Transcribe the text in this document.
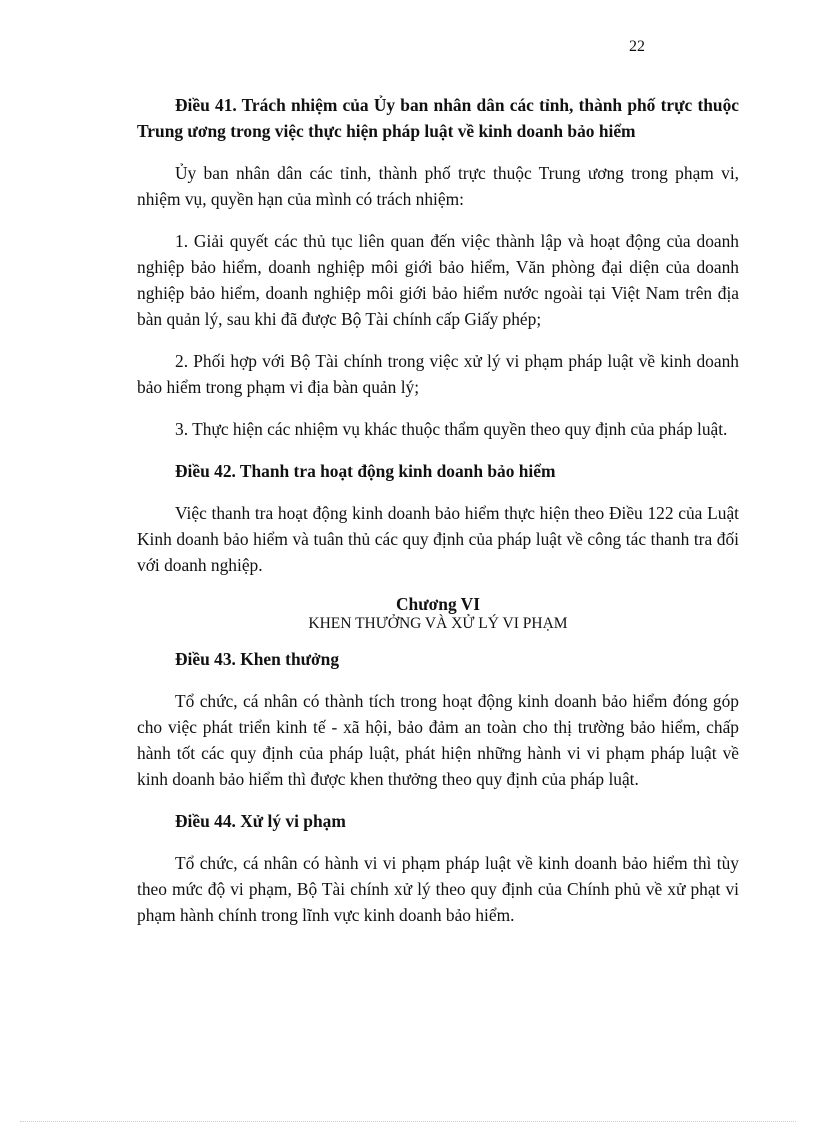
22

Điều 41. Trách nhiệm của Ủy ban nhân dân các tỉnh, thành phố trực thuộc Trung ương trong việc thực hiện pháp luật về kinh doanh bảo hiểm

Ủy ban nhân dân các tỉnh, thành phố trực thuộc Trung ương trong phạm vi, nhiệm vụ, quyền hạn của mình có trách nhiệm:

1. Giải quyết các thủ tục liên quan đến việc thành lập và hoạt động của doanh nghiệp bảo hiểm, doanh nghiệp môi giới bảo hiểm, Văn phòng đại diện của doanh nghiệp bảo hiểm, doanh nghiệp môi giới bảo hiểm nước ngoài tại Việt Nam trên địa bàn quản lý, sau khi đã được Bộ Tài chính cấp Giấy phép;

2. Phối hợp với Bộ Tài chính trong việc xử lý vi phạm pháp luật về kinh doanh bảo hiểm trong phạm vi địa bàn quản lý;

3. Thực hiện các nhiệm vụ khác thuộc thẩm quyền theo quy định của pháp luật.

Điều 42. Thanh tra hoạt động kinh doanh bảo hiểm

Việc thanh tra hoạt động kinh doanh bảo hiểm thực hiện theo Điều 122 của Luật Kinh doanh bảo hiểm và tuân thủ các quy định của pháp luật về công tác thanh tra đối với doanh nghiệp.

Chương VI
KHEN THƯỞNG VÀ XỬ LÝ VI PHẠM

Điều 43. Khen thưởng

Tổ chức, cá nhân có thành tích trong hoạt động kinh doanh bảo hiểm đóng góp cho việc phát triển kinh tế - xã hội, bảo đảm an toàn cho thị trường bảo hiểm, chấp hành tốt các quy định của pháp luật, phát hiện những hành vi vi phạm pháp luật về kinh doanh bảo hiểm thì được khen thưởng theo quy định của pháp luật.

Điều 44. Xử lý vi phạm

Tổ chức, cá nhân có hành vi vi phạm pháp luật về kinh doanh bảo hiểm thì tùy theo mức độ vi phạm, Bộ Tài chính xử lý theo quy định của Chính phủ về xử phạt vi phạm hành chính trong lĩnh vực kinh doanh bảo hiểm.
